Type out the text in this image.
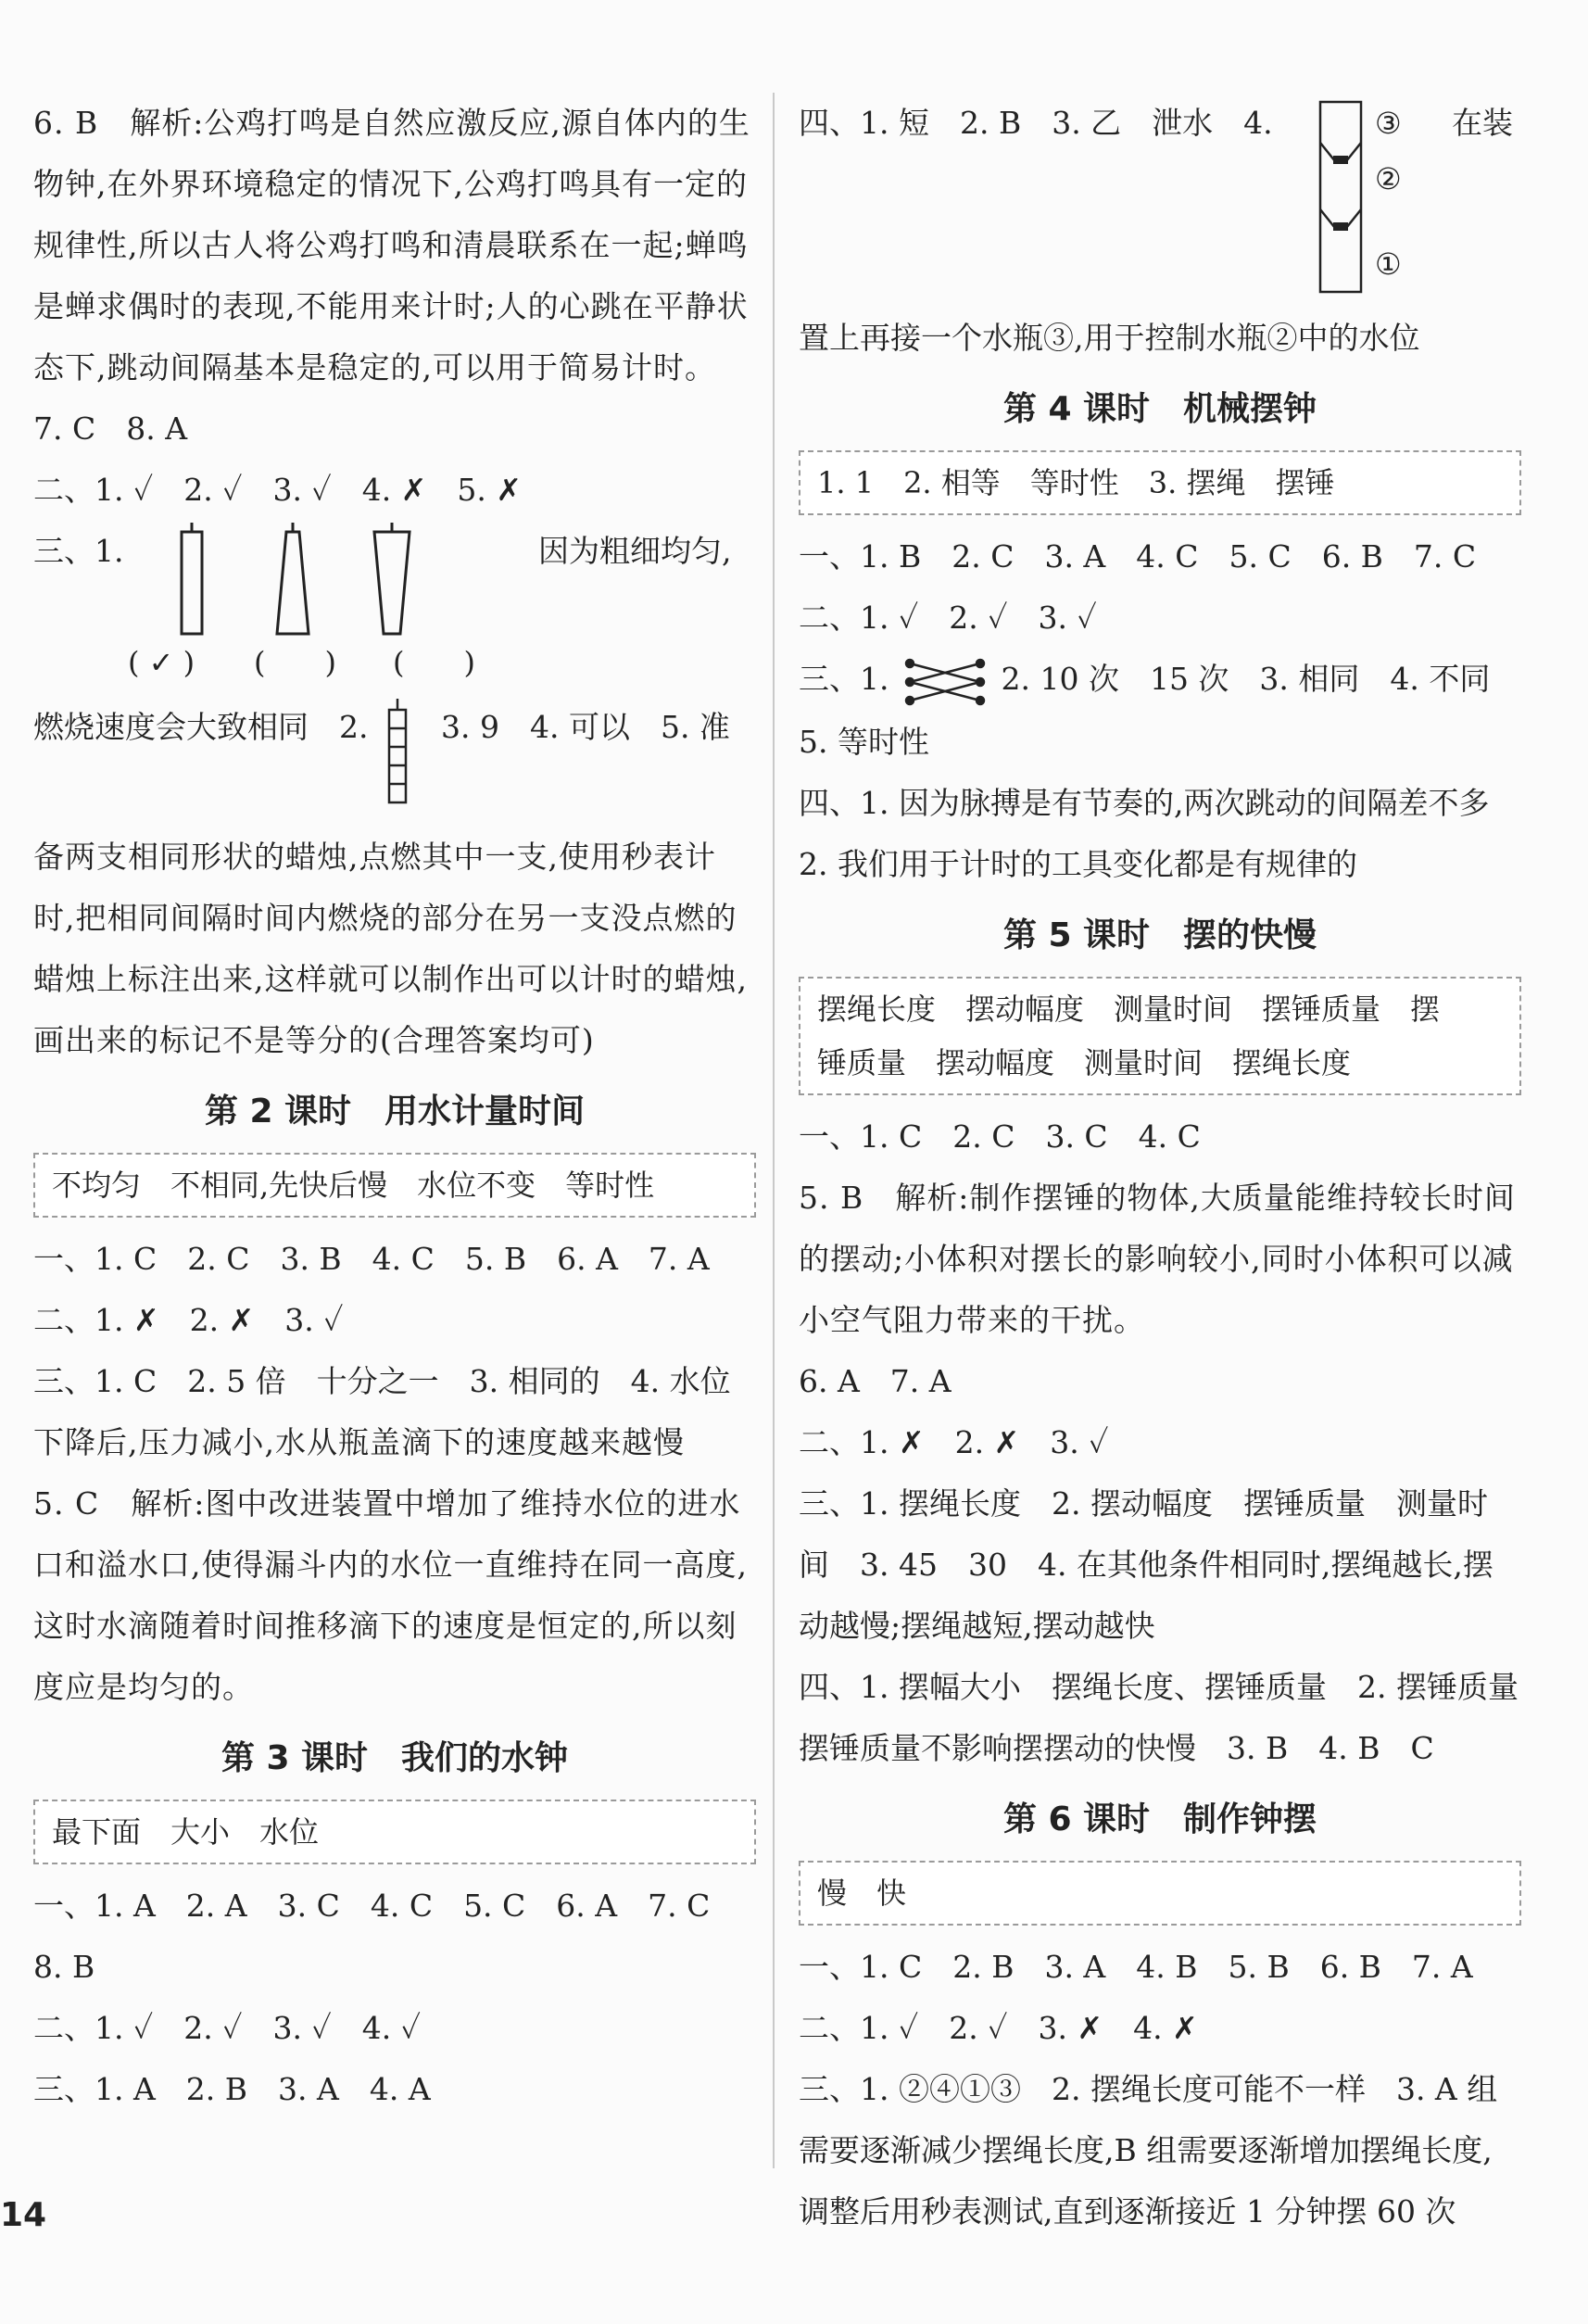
6. B　解析:公鸡打鸣是自然应激反应,源自体内的生
物钟,在外界环境稳定的情况下,公鸡打鸣具有一定的
规律性,所以古人将公鸡打鸣和清晨联系在一起;蝉鸣
是蝉求偶时的表现,不能用来计时;人的心跳在平静状
态下,跳动间隔基本是稳定的,可以用于简易计时。
7. C　8. A
二、1. ✓　2. ✓　3. ✓　4. ✗　5. ✗
三、1.
( ✓ ) (　　) (　　)
因为粗细均匀,
燃烧速度会大致相同　2. 3. 9　4. 可以　5. 准
备两支相同形状的蜡烛,点燃其中一支,使用秒表计
时,把相同间隔时间内燃烧的部分在另一支没点燃的
蜡烛上标注出来,这样就可以制作出可以计时的蜡烛,
画出来的标记不是等分的(合理答案均可)
第 2 课时　用水计量时间
不均匀　不相同,先快后慢　水位不变　等时性
一、1. C　2. C　3. B　4. C　5. B　6. A　7. A
二、1. ✗　2. ✗　3. ✓
三、1. C　2. 5 倍　十分之一　3. 相同的　4. 水位
下降后,压力减小,水从瓶盖滴下的速度越来越慢
5. C　解析:图中改进装置中增加了维持水位的进水
口和溢水口,使得漏斗内的水位一直维持在同一高度,
这时水滴随着时间推移滴下的速度是恒定的,所以刻
度应是均匀的。
第 3 课时　我们的水钟
最下面　大小　水位
一、1. A　2. A　3. C　4. C　5. C　6. A　7. C
8. B
二、1. ✓　2. ✓　3. ✓　4. ✓
三、1. A　2. B　3. A　4. A
四、1. 短　2. B　3. 乙　泄水　4.	③
②
①
在装
置上再接一个水瓶③,用于控制水瓶②中的水位
第 4 课时　机械摆钟
1. 1　2. 相等　等时性　3. 摆绳　摆锤
一、1. B　2. C　3. A　4. C　5. C　6. B　7. C
二、1. ✓　2. ✓　3. ✓
三、1.	2. 10 次　15 次　3. 相同　4. 不同
5. 等时性
四、1. 因为脉搏是有节奏的,两次跳动的间隔差不多
2. 我们用于计时的工具变化都是有规律的
第 5 课时　摆的快慢
摆绳长度　摆动幅度　测量时间　摆锤质量　摆
锤质量　摆动幅度　测量时间　摆绳长度
一、1. C　2. C　3. C　4. C
5. B　解析:制作摆锤的物体,大质量能维持较长时间
的摆动;小体积对摆长的影响较小,同时小体积可以减
小空气阻力带来的干扰。
6. A　7. A
二、1. ✗　2. ✗　3. ✓
三、1. 摆绳长度　2. 摆动幅度　摆锤质量　测量时
间　3. 45　30　4. 在其他条件相同时,摆绳越长,摆
动越慢;摆绳越短,摆动越快
四、1. 摆幅大小　摆绳长度、摆锤质量　2. 摆锤质量
摆锤质量不影响摆摆动的快慢　3. B　4. B　C
第 6 课时　制作钟摆
慢　快
一、1. C　2. B　3. A　4. B　5. B　6. B　7. A
二、1. ✓　2. ✓　3. ✗　4. ✗
三、1. ②④①③　2. 摆绳长度可能不一样　3. A 组
需要逐渐减少摆绳长度,B 组需要逐渐增加摆绳长度,
调整后用秒表测试,直到逐渐接近 1 分钟摆 60 次
14
